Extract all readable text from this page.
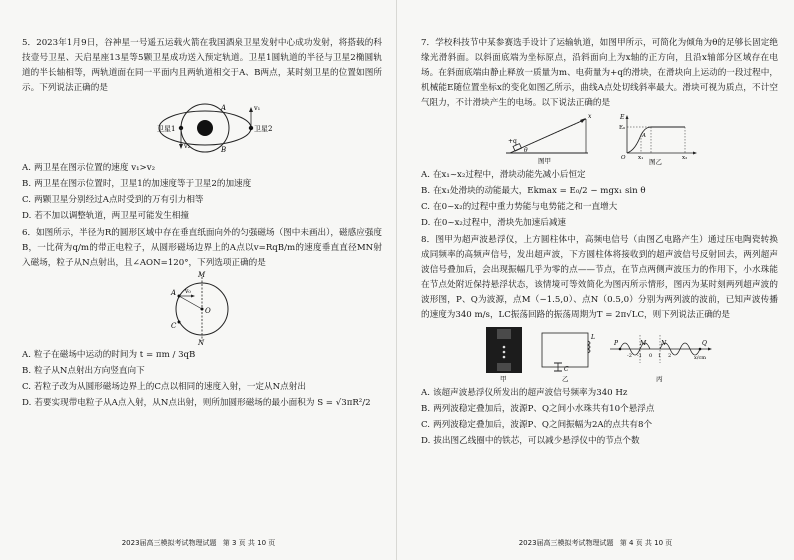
5．2023年1月9日，谷神星一号遥五运载火箭在我国酒泉卫星发射中心成功发射，将搭载的科技壹号卫星、天启星座13星等5颗卫星成功送入预定轨道。卫星1圆轨道的半径与卫星2椭圆轨道的半长轴相等，两轨道面在同一平面内且两轨道相交于A、B两点，某时刻卫星的位置如图所示。下列说法正确的是

卫星1	卫星2
A
B
v₁
v₂

A. 两卫星在图示位置的速度 v₁>v₂

B. 两卫星在图示位置时，卫星1的加速度等于卫星2的加速度

C. 两颗卫星分别经过A点时受到的万有引力相等

D. 若不加以调整轨道，两卫星可能发生相撞

6．如图所示，半径为R的圆形区域中存在垂直纸面向外的匀强磁场（图中未画出），磁感应强度B，一比荷为q/m的带正电粒子，从圆形磁场边界上的A点以v=RqB/m的速度垂直直径MN射入磁场，粒子从N点射出，且∠AON=120°，下列选项正确的是

M
N
A
O
C
v₀

A. 粒子在磁场中运动的时间为 t = πm / 3qB

B. 粒子从N点射出方向竖直向下

C. 若粒子改为从圆形磁场边界上的C点以相同的速度入射，一定从N点射出

D. 若要实现带电粒子从A点入射，从N点出射，则所加圆形磁场的最小面积为 S = √3πR²/2

2023届高三模拟考试物理试题 第 3 页 共 10 页

7．学校科技节中某参赛选手设计了运输轨道，如图甲所示，可简化为倾角为θ的足够长固定绝缘光滑斜面。以斜面底端为坐标原点，沿斜面向上为x轴的正方向，且沿x轴部分区域存在电场。在斜面底端由静止释放一质量为m、电荷量为+q的滑块，在滑块向上运动的一段过程中，机械能E随位置坐标x的变化如图乙所示，曲线A点处切线斜率最大。滑块可视为质点，不计空气阻力，不计滑块产生的电场。以下说法正确的是

+q
θ
x
图甲
E
E₀
A
O x₁	x₂
图乙

A. 在x₁~x₂过程中，滑块动能先减小后恒定

B. 在x₁处滑块的动能最大，Ekmax = E₀/2 − mgx₁ sin θ

C. 在0~x₂的过程中重力势能与电势能之和一直增大

D. 在0~x₂过程中，滑块先加速后减速

8．图甲为超声波悬浮仪，上方圆柱体中，高频电信号（由图乙电路产生）通过压电陶瓷转换成同频率的高频声信号，发出超声波，下方圆柱体将接收到的超声波信号反射回去，两列超声波信号叠加后，会出现振幅几乎为零的点——节点，在节点两侧声波压力的作用下，小水珠能在节点处附近保持悬浮状态，该情境可等效简化为图丙所示情形，图丙为某时刻两列超声波的波形图，P、Q为波源，点M（−1.5,0）、点N（0.5,0）分别为两列波的波前，已知声波传播的速度为340 m/s，LC振荡回路的振荡周期为T = 2π√LC，则下列说法正确的是

甲
C
L
乙
P	Q
M N
-2 -1 0 1 2	x/cm
丙

A. 该超声波悬浮仪所发出的超声波信号频率为340 Hz

B. 两列波稳定叠加后，波源P、Q之间小水珠共有10个悬浮点

C. 两列波稳定叠加后，波源P、Q之间振幅为2A的点共有8个

D. 拔出图乙线圈中的铁芯，可以减少悬浮仪中的节点个数

2023届高三模拟考试物理试题 第 4 页 共 10 页
